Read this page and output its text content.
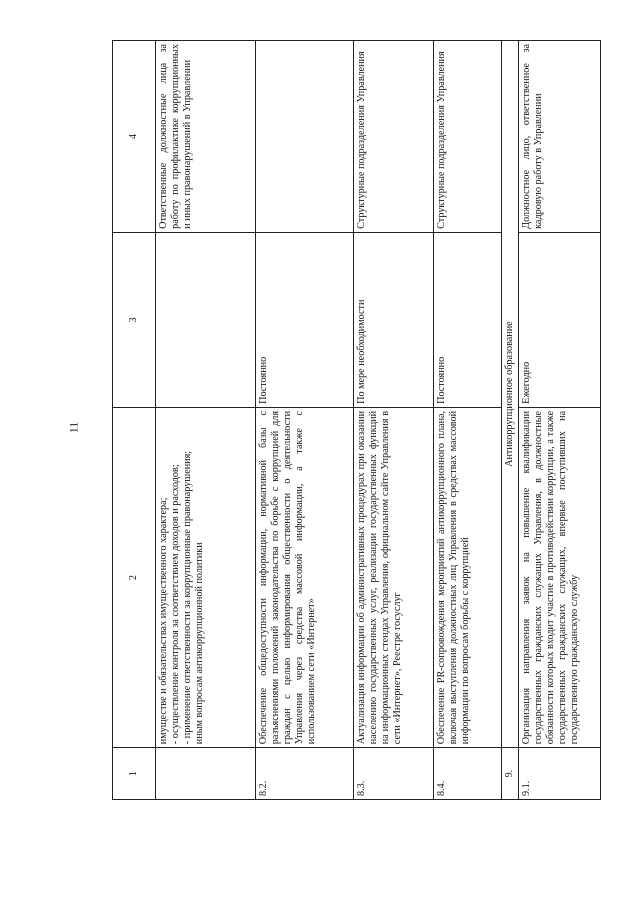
11
1	2	3	4

	имуществе и обязательствах имущественного характера; - осуществление контроля за соответствием доходов и расходов; - применение ответственности за коррупционные правонарушения; иным вопросам антикоррупционной политики		Ответственные должностные лица за работу по профилактике коррупционных и иных правонарушений в Управлении
8.2.	Обеспечение общедоступности информации, нормативной базы с разъяснениями положений законодательства по борьбе с коррупцией для граждан с целью информирования общественности о деятельности Управления через средства массовой информации, а также с использованием сети «Интернет»	Постоянно	
8.3.	Актуализация информации об административных процедурах при оказании населению государственных услуг, реализации государственных функций на информационных стендах Управления, официальном сайте Управления в сети «Интернет», Реестре госуслуг	По мере необходимости	Структурные подразделения Управления
8.4.	Обеспечение PR-сопровождения мероприятий антикоррупционного плана, включая выступления должностных лиц Управления в средствах массовой информации по вопросам борьбы с коррупцией	Постоянно	Структурные подразделения Управления
9.	Антикоррупционное образование		
9.1.	Организация направления заявок на повышение квалификации государственных гражданских служащих Управления, в должностные обязанности которых входит участие в противодействии коррупции, а также государственных гражданских служащих, впервые поступивших на государственную гражданскую службу	Ежегодно	Должностное лицо, ответственное за кадровую работу в Управлении
